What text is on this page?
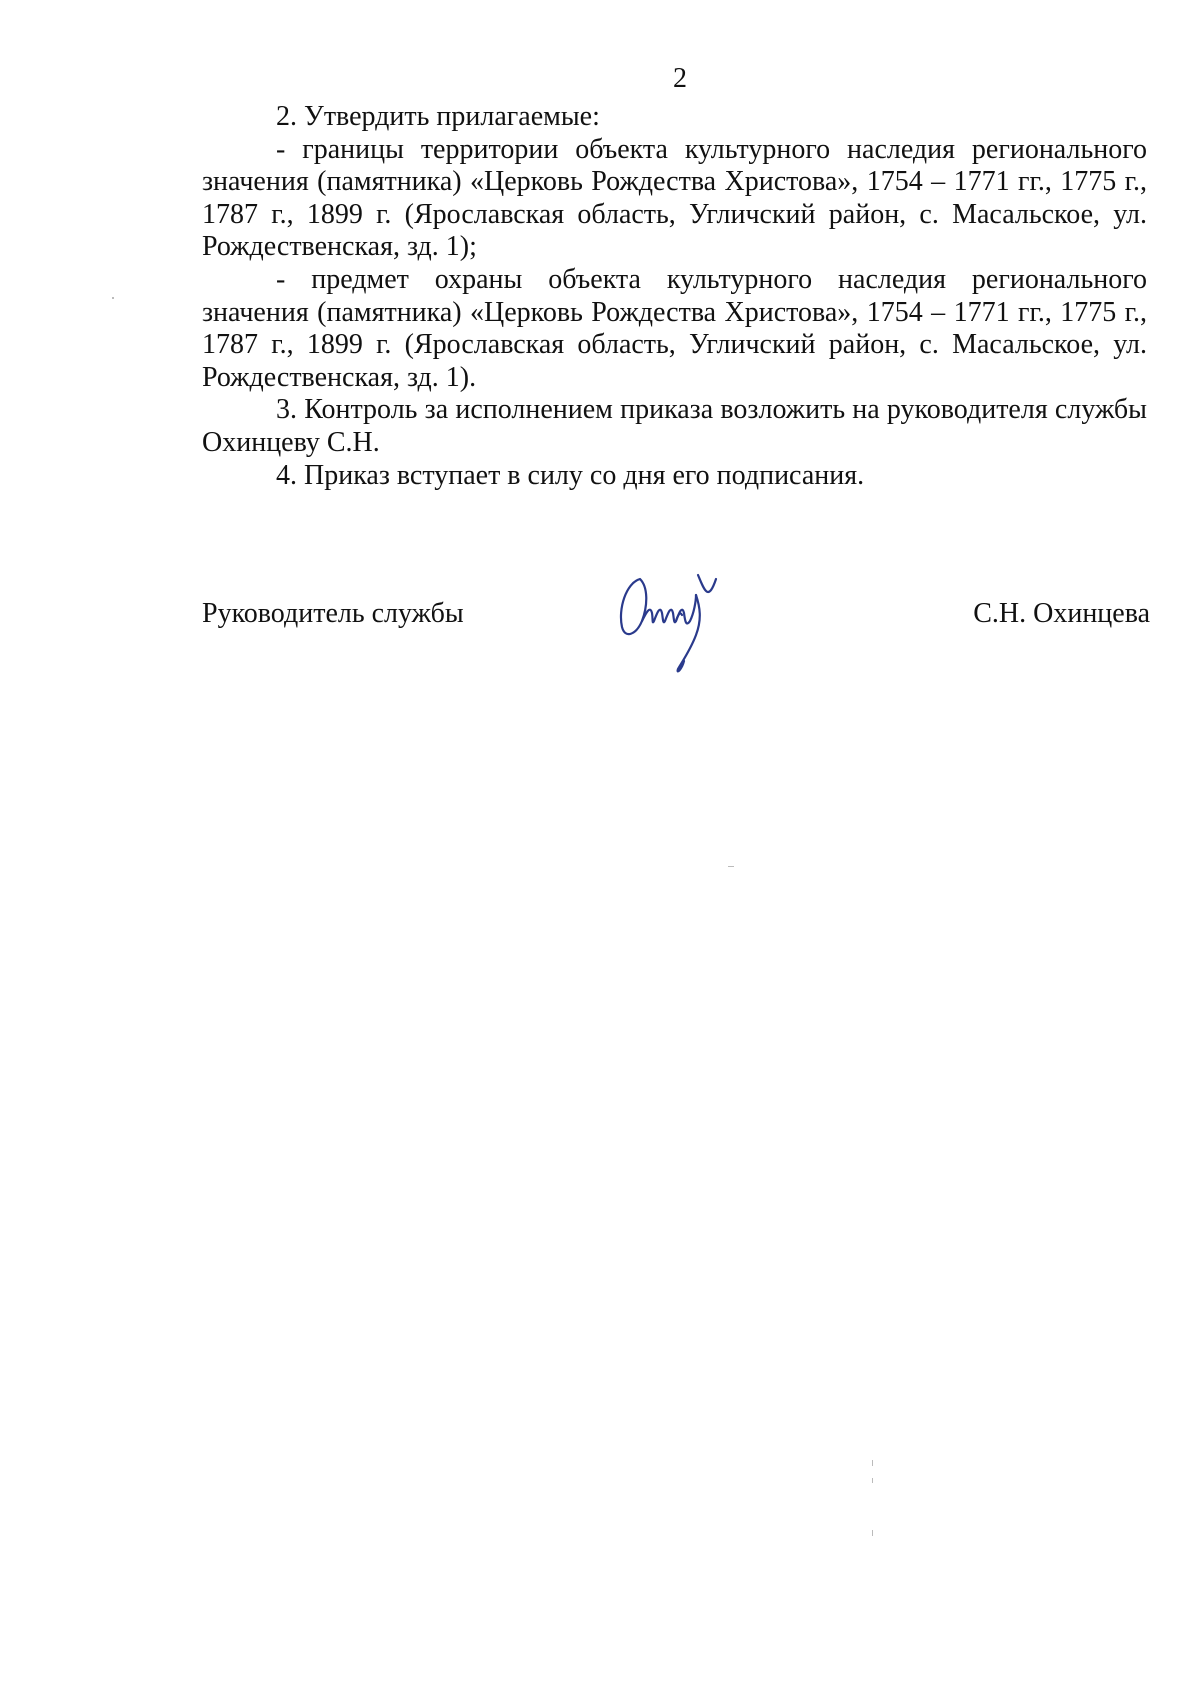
2

2. Утвердить прилагаемые:

- границы территории объекта культурного наследия регионального значения (памятника) «Церковь Рождества Христова», 1754 – 1771 гг., 1775 г., 1787 г., 1899 г. (Ярославская область, Угличский район, с. Масальское, ул. Рождественская, зд. 1);

- предмет охраны объекта культурного наследия регионального значения (памятника) «Церковь Рождества Христова», 1754 – 1771 гг., 1775 г., 1787 г., 1899 г. (Ярославская область, Угличский район, с. Масальское, ул. Рождественская, зд. 1).

3. Контроль за исполнением приказа возложить на руководителя службы Охинцеву С.Н.

4. Приказ вступает в силу со дня его подписания.

Руководитель службы	С.Н. Охинцева
